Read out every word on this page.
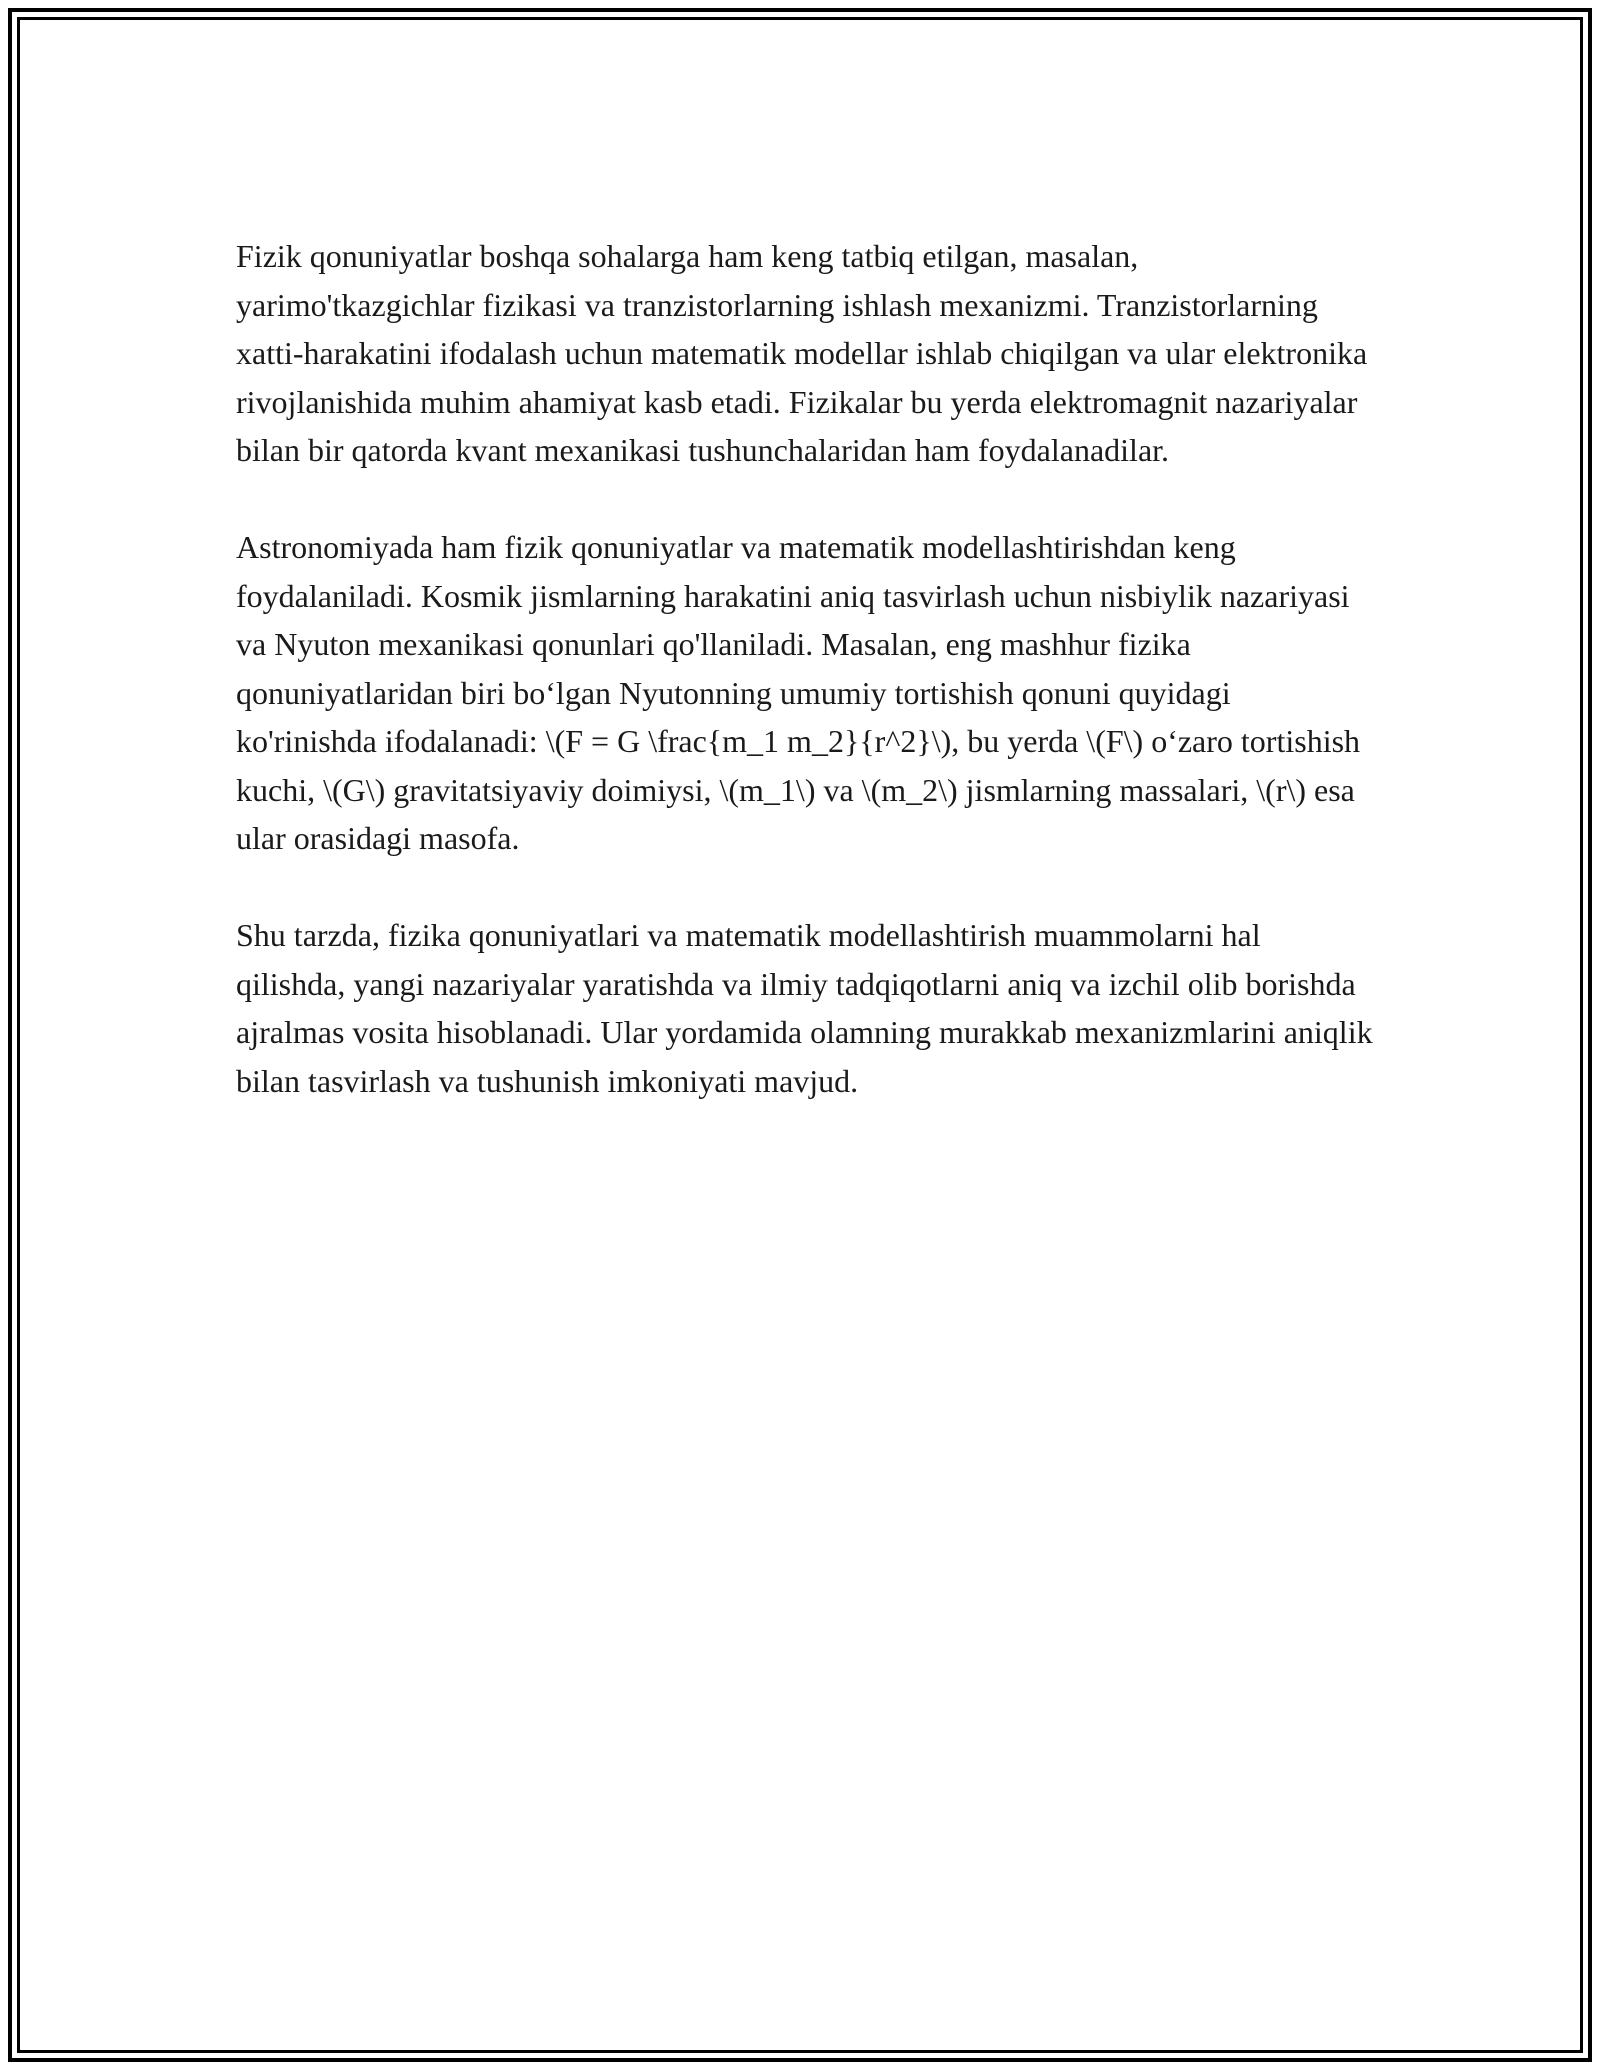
Fizik qonuniyatlar boshqa sohalarga ham keng tatbiq etilgan, masalan, yarimo'tkazgichlar fizikasi va tranzistorlarning ishlash mexanizmi. Tranzistorlarning xatti-harakatini ifodalash uchun matematik modellar ishlab chiqilgan va ular elektronika rivojlanishida muhim ahamiyat kasb etadi. Fizikalar bu yerda elektromagnit nazariyalar bilan bir qatorda kvant mexanikasi tushunchalaridan ham foydalanadilar.

Astronomiyada ham fizik qonuniyatlar va matematik modellashtirishdan keng foydalaniladi. Kosmik jismlarning harakatini aniq tasvirlash uchun nisbiylik nazariyasi va Nyuton mexanikasi qonunlari qo'llaniladi. Masalan, eng mashhur fizika qonuniyatlaridan biri bo‘lgan Nyutonning umumiy tortishish qonuni quyidagi ko'rinishda ifodalanadi: \(F = G \frac{m_1 m_2}{r^2}\), bu yerda \(F\) o‘zaro tortishish kuchi, \(G\) gravitatsiyaviy doimiysi, \(m_1\) va \(m_2\) jismlarning massalari, \(r\) esa ular orasidagi masofa.

Shu tarzda, fizika qonuniyatlari va matematik modellashtirish muammolarni hal qilishda, yangi nazariyalar yaratishda va ilmiy tadqiqotlarni aniq va izchil olib borishda ajralmas vosita hisoblanadi. Ular yordamida olamning murakkab mexanizmlarini aniqlik bilan tasvirlash va tushunish imkoniyati mavjud.
